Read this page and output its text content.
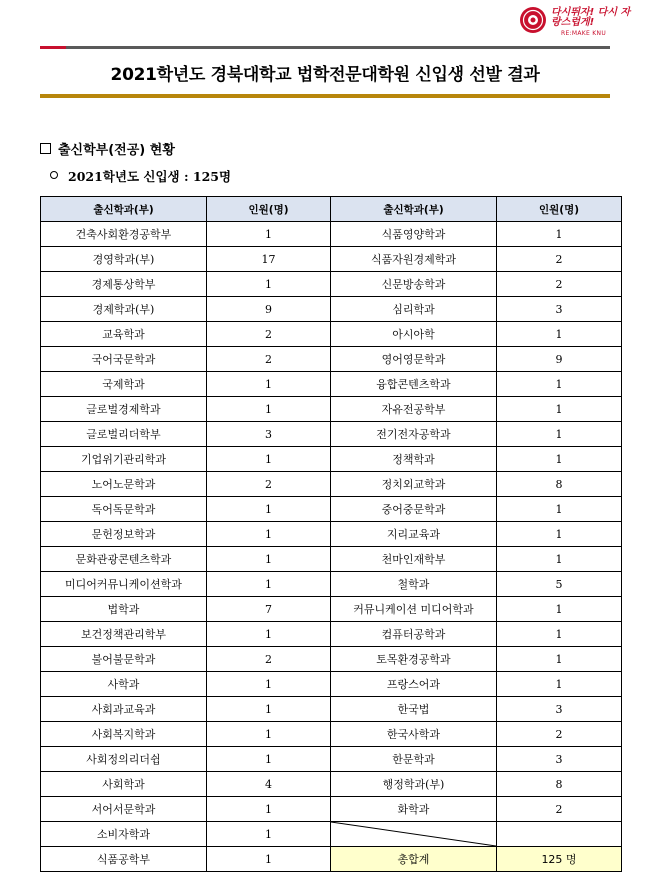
다시뛰자! 다시 자랑스럽게!
RE:MAKE KNU
2021학년도 경북대학교 법학전문대학원 신입생 선발 결과
출신학부(전공) 현황
2021학년도 신입생 : 125명
출신학과(부)	인원(명)	출신학과(부)	인원(명)
건축사회환경공학부	1	식품영양학과	1
경영학과(부)	17	식품자원경제학과	2
경제통상학부	1	신문방송학과	2
경제학과(부)	9	심리학과	3
교육학과	2	아시아학	1
국어국문학과	2	영어영문학과	9
국제학과	1	융합콘텐츠학과	1
글로벌경제학과	1	자유전공학부	1
글로벌리더학부	3	전기전자공학과	1
기업위기관리학과	1	정책학과	1
노어노문학과	2	정치외교학과	8
독어독문학과	1	중어중문학과	1
문헌정보학과	1	지리교육과	1
문화관광콘텐츠학과	1	천마인재학부	1
미디어커뮤니케이션학과	1	철학과	5
법학과	7	커뮤니케이션 미디어학과	1
보건정책관리학부	1	컴퓨터공학과	1
불어불문학과	2	토목환경공학과	1
사학과	1	프랑스어과	1
사회과교육과	1	한국법	3
사회복지학과	1	한국사학과	2
사회정의리더쉽	1	한문학과	3
사회학과	4	행정학과(부)	8
서어서문학과	1	화학과	2
소비자학과	1	

식품공학부	1	총합계	125 명
